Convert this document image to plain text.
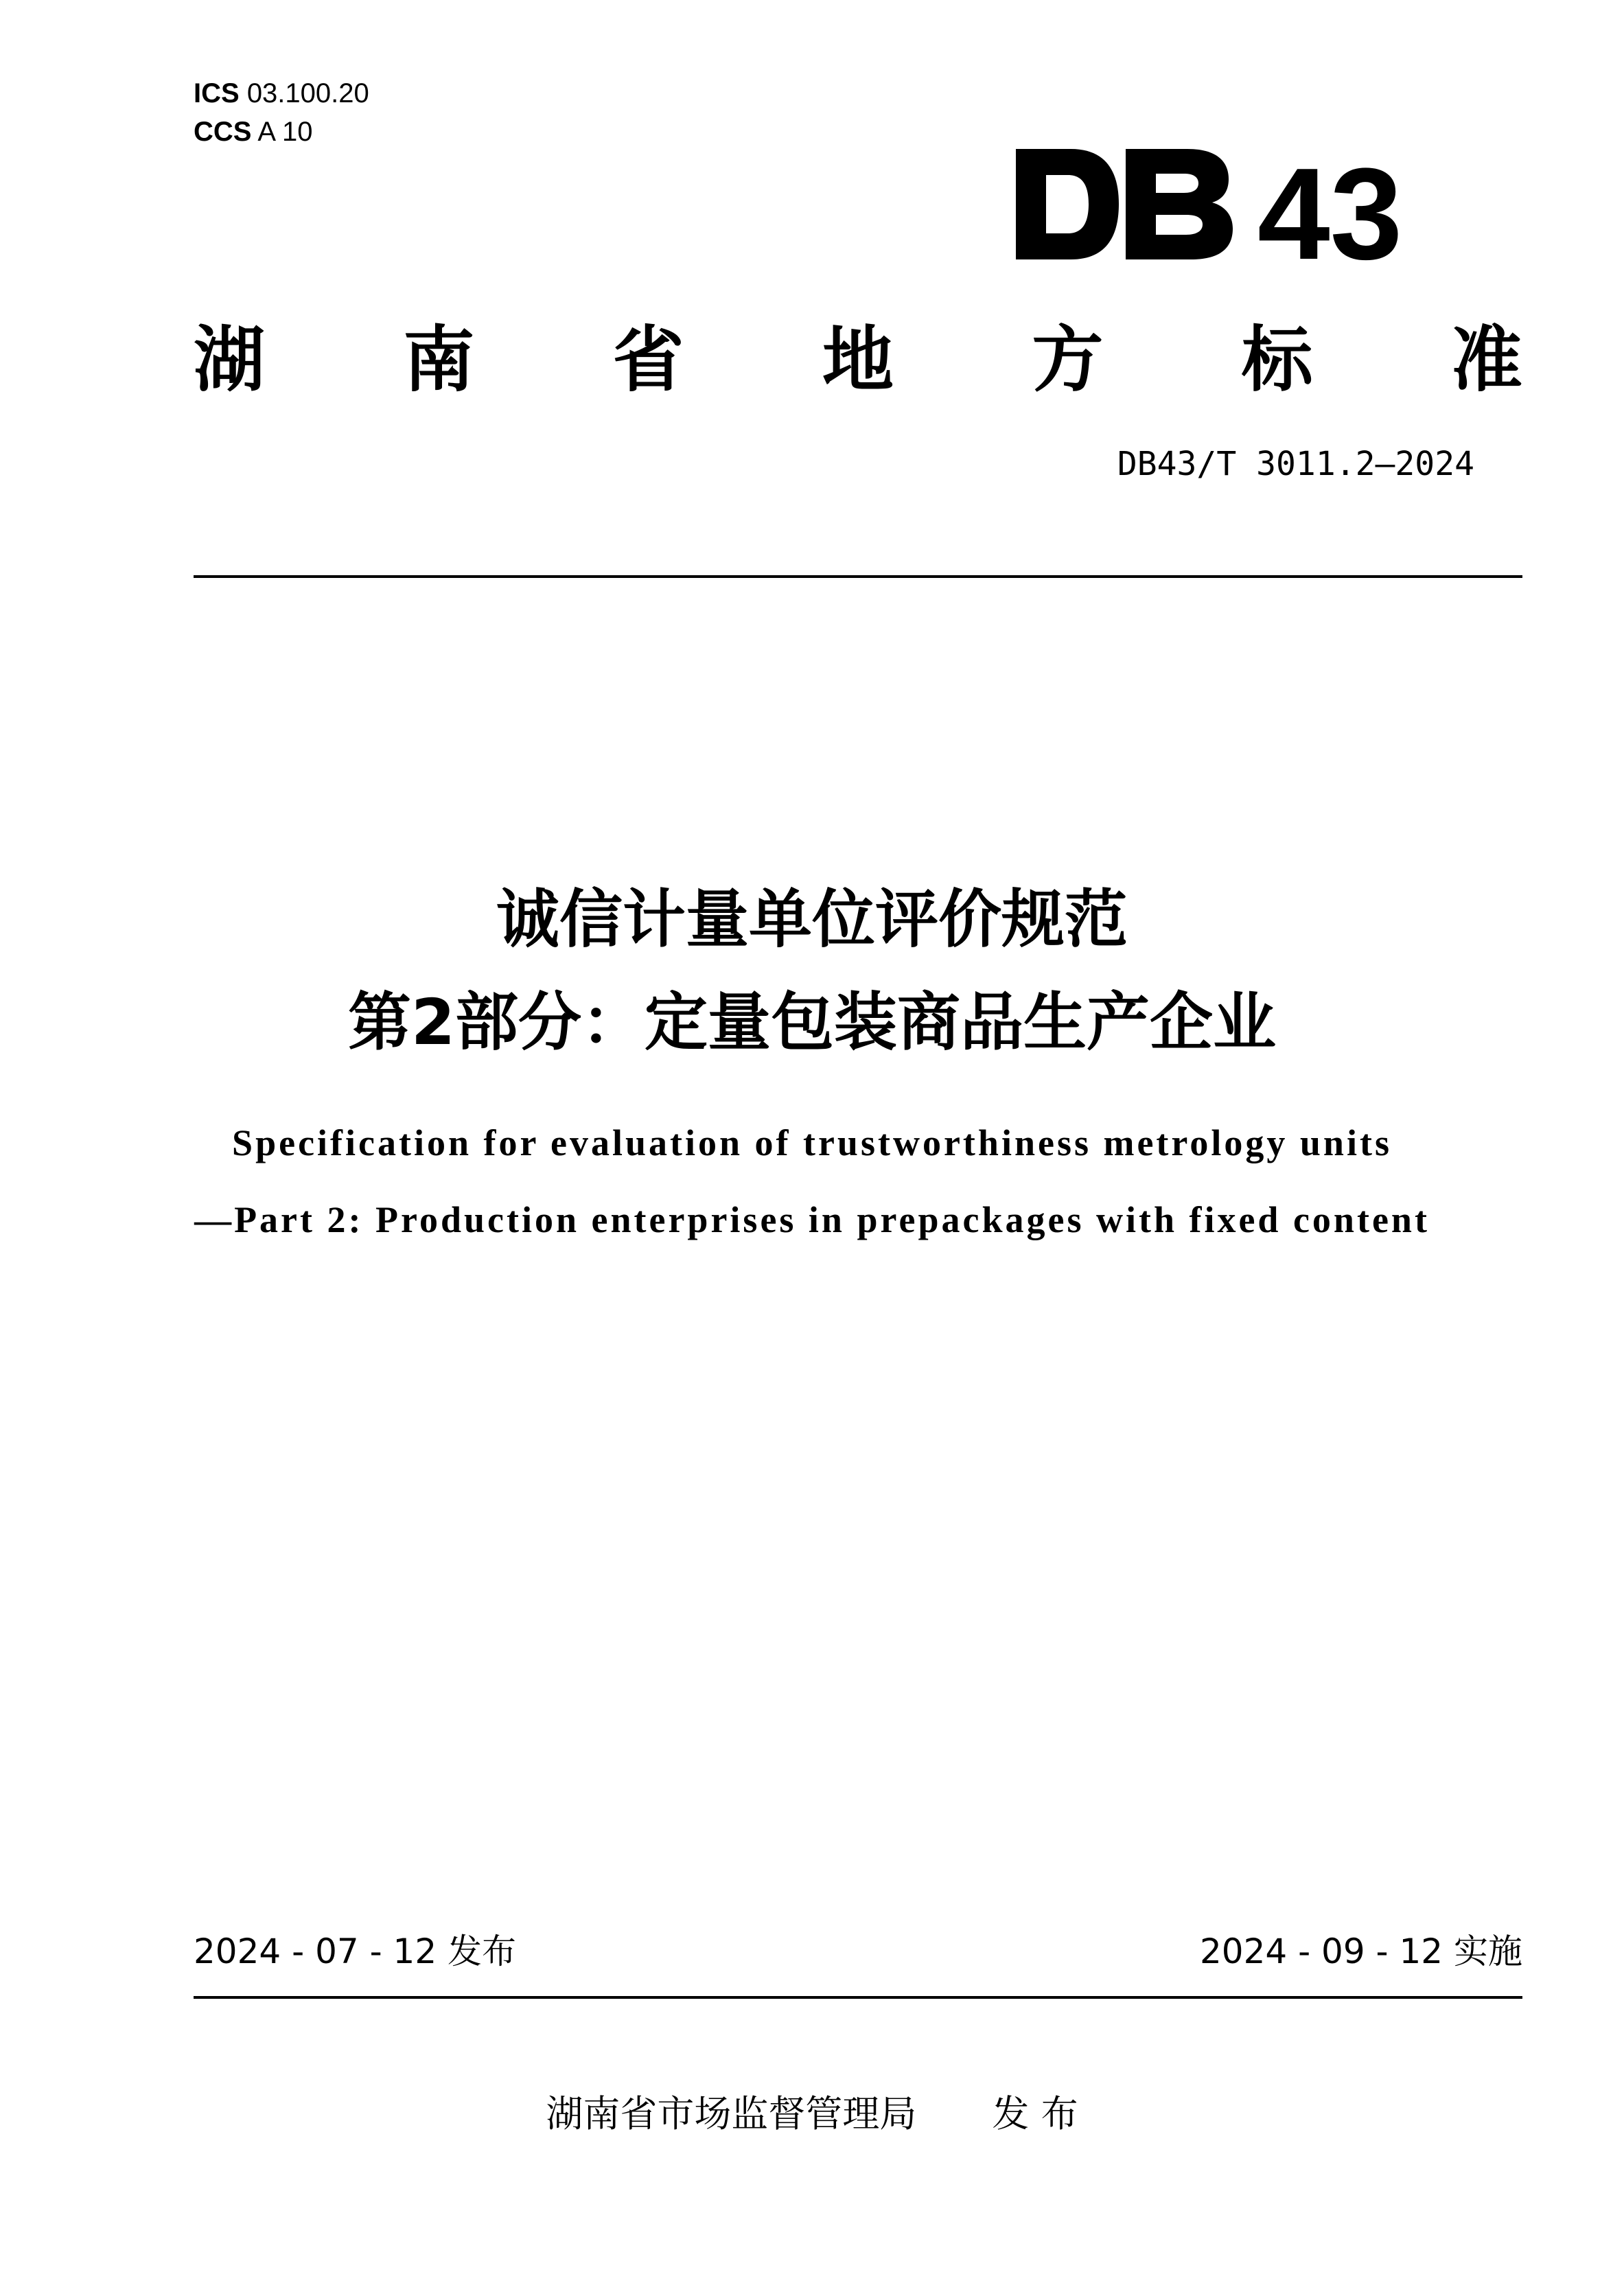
ICS 03.100.20
CCS A 10
43
湖 南 省 地 方 标 准
DB43/T 3011.2—2024
诚信计量单位评价规范
第2部分：定量包装商品生产企业
Specification for evaluation of trustworthiness metrology units
—Part 2: Production enterprises in prepackages with fixed content
2024 - 07 - 12 发布	2024 - 09 - 12 实施
湖南省市场监督管理局 发 布
